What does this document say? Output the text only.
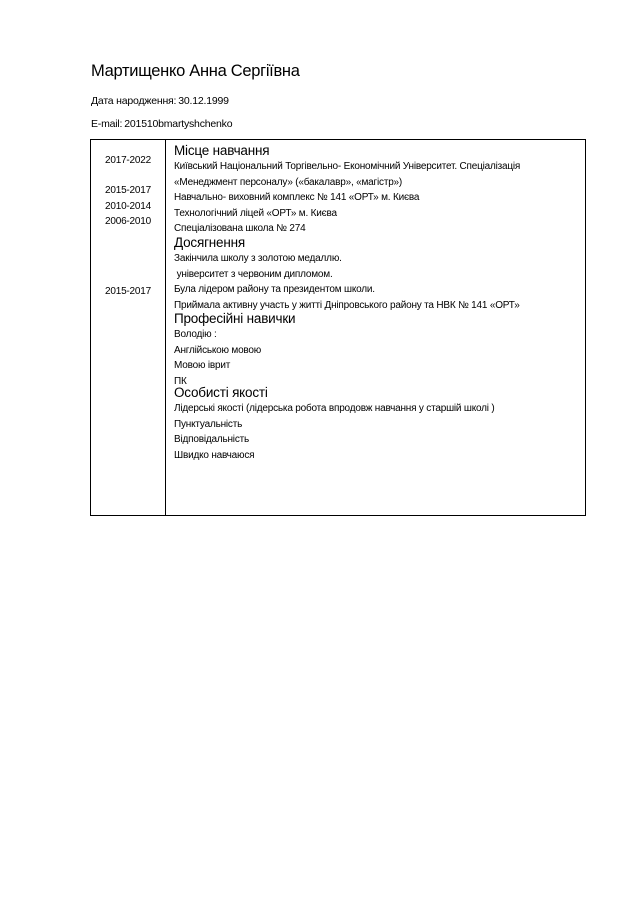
Мартищенко Анна Сергіївна
Дата народження: 30.12.1999
E-mail: 201510bmartyshchenko
2017-2022
2015-2017
2010-2014
2006-2010
2015-2017
Місце навчання
Київський Національний Торгівельно- Економічний Університет. Спеціалізація
«Менеджмент персоналу» («бакалавр», «магістр»)
Навчально- виховний комплекс № 141 «ОРТ» м. Києва
Технологічний ліцей «ОРТ» м. Києва
Спеціалізована школа № 274
Досягнення
Закінчила школу з золотою медаллю.
університет з червоним дипломом.
Була лідером району та президентом школи.
Приймала активну участь у житті Дніпровського району та НВК № 141 «ОРТ»
Професійні навички
Володію :
Англійською мовою
Мовою іврит
ПК
Особисті якості
Лідерські якості (лідерська робота впродовж навчання у старшій школі )
Пунктуальність
Відповідальність
Швидко навчаюся
